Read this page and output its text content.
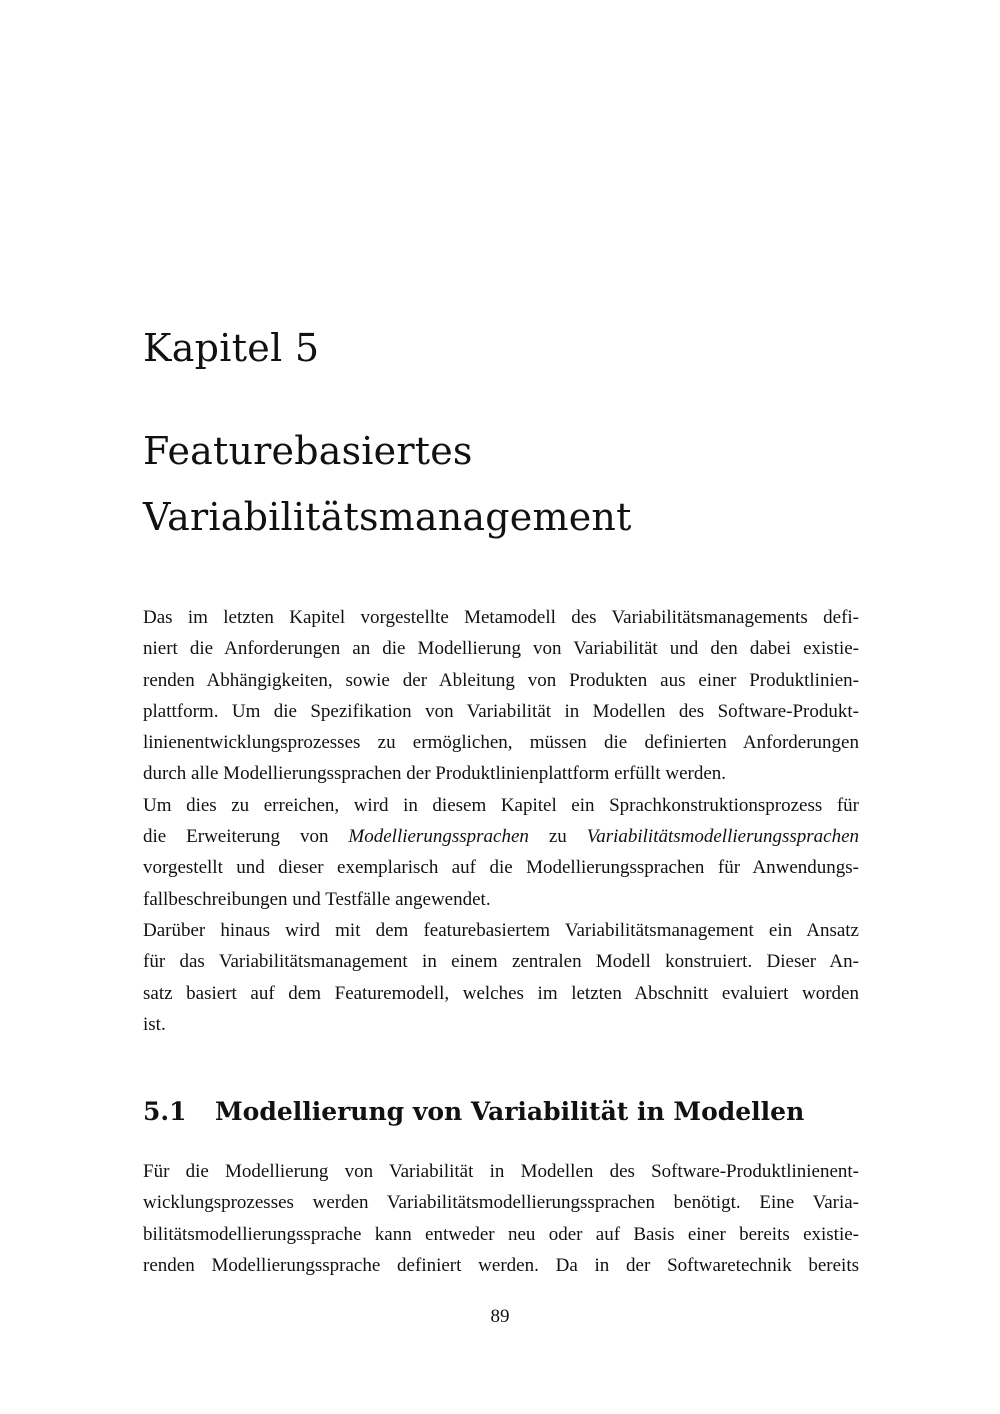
Kapitel 5
Featurebasiertes
Variabilitätsmanagement
Das im letzten Kapitel vorgestellte Metamodell des Variabilitätsmanagements defi-
niert die Anforderungen an die Modellierung von Variabilität und den dabei existie-
renden Abhängigkeiten, sowie der Ableitung von Produkten aus einer Produktlinien-
plattform. Um die Spezifikation von Variabilität in Modellen des Software-Produkt-
linienentwicklungsprozesses zu ermöglichen, müssen die definierten Anforderungen
durch alle Modellierungssprachen der Produktlinienplattform erfüllt werden.
Um dies zu erreichen, wird in diesem Kapitel ein Sprachkonstruktionsprozess für
die Erweiterung von Modellierungssprachen zu Variabilitätsmodellierungssprachen
vorgestellt und dieser exemplarisch auf die Modellierungssprachen für Anwendungs-
fallbeschreibungen und Testfälle angewendet.
Darüber hinaus wird mit dem featurebasiertem Variabilitätsmanagement ein Ansatz
für das Variabilitätsmanagement in einem zentralen Modell konstruiert. Dieser An-
satz basiert auf dem Featuremodell, welches im letzten Abschnitt evaluiert worden
ist.
5.1 Modellierung von Variabilität in Modellen
Für die Modellierung von Variabilität in Modellen des Software-Produktlinienent-
wicklungsprozesses werden Variabilitätsmodellierungssprachen benötigt. Eine Varia-
bilitätsmodellierungssprache kann entweder neu oder auf Basis einer bereits existie-
renden Modellierungssprache definiert werden. Da in der Softwaretechnik bereits
89
